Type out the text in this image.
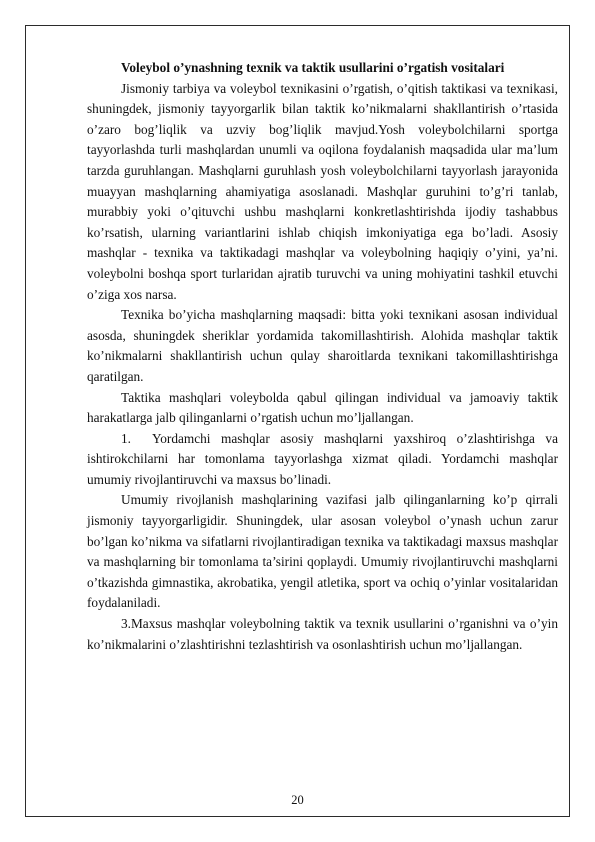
Voleybol o’ynashning texnik va taktik usullarini o’rgatish vositalari

Jismoniy tarbiya va voleybol texnikasini o’rgatish, o’qitish taktikasi va texnikasi, shuningdek, jismoniy tayyorgarlik bilan taktik ko’nikmalarni shakllantirish o’rtasida o’zaro bog’liqlik va uzviy bog’liqlik mavjud.Yosh voleybolchilarni sportga tayyorlashda turli mashqlardan unumli va oqilona foydalanish maqsadida ular ma’lum tarzda guruhlangan. Mashqlarni guruhlash yosh voleybolchilarni tayyorlash jarayonida muayyan mashqlarning ahamiyatiga asoslanadi. Mashqlar guruhini to’g’ri tanlab, murabbiy yoki o’qituvchi ushbu mashqlarni konkretlashtirishda ijodiy tashabbus ko’rsatish, ularning variantlarini ishlab chiqish imkoniyatiga ega bo’ladi. Asosiy mashqlar - texnika va taktikadagi mashqlar va voleybolning haqiqiy o’yini, ya’ni. voleybolni boshqa sport turlaridan ajratib turuvchi va uning mohiyatini tashkil etuvchi o’ziga xos narsa.

Texnika bo’yicha mashqlarning maqsadi: bitta yoki texnikani asosan individual asosda, shuningdek sheriklar yordamida takomillashtirish. Alohida mashqlar taktik ko’nikmalarni shakllantirish uchun qulay sharoitlarda texnikani takomillashtirishga qaratilgan.

Taktika mashqlari voleybolda qabul qilingan individual va jamoaviy taktik harakatlarga jalb qilinganlarni o’rgatish uchun mo’ljallangan.

1. Yordamchi mashqlar asosiy mashqlarni yaxshiroq o’zlashtirishga va ishtirokchilarni har tomonlama tayyorlashga xizmat qiladi. Yordamchi mashqlar umumiy rivojlantiruvchi va maxsus bo’linadi.

Umumiy rivojlanish mashqlarining vazifasi jalb qilinganlarning ko’p qirrali jismoniy tayyorgarligidir. Shuningdek, ular asosan voleybol o’ynash uchun zarur bo’lgan ko’nikma va sifatlarni rivojlantiradigan texnika va taktikadagi maxsus mashqlar va mashqlarning bir tomonlama ta’sirini qoplaydi. Umumiy rivojlantiruvchi mashqlarni o’tkazishda gimnastika, akrobatika, yengil atletika, sport va ochiq o’yinlar vositalaridan foydalaniladi.

3.Maxsus mashqlar voleybolning taktik va texnik usullarini o’rganishni va o’yin ko’nikmalarini o’zlashtirishni tezlashtirish va osonlashtirish uchun mo’ljallangan.

20
